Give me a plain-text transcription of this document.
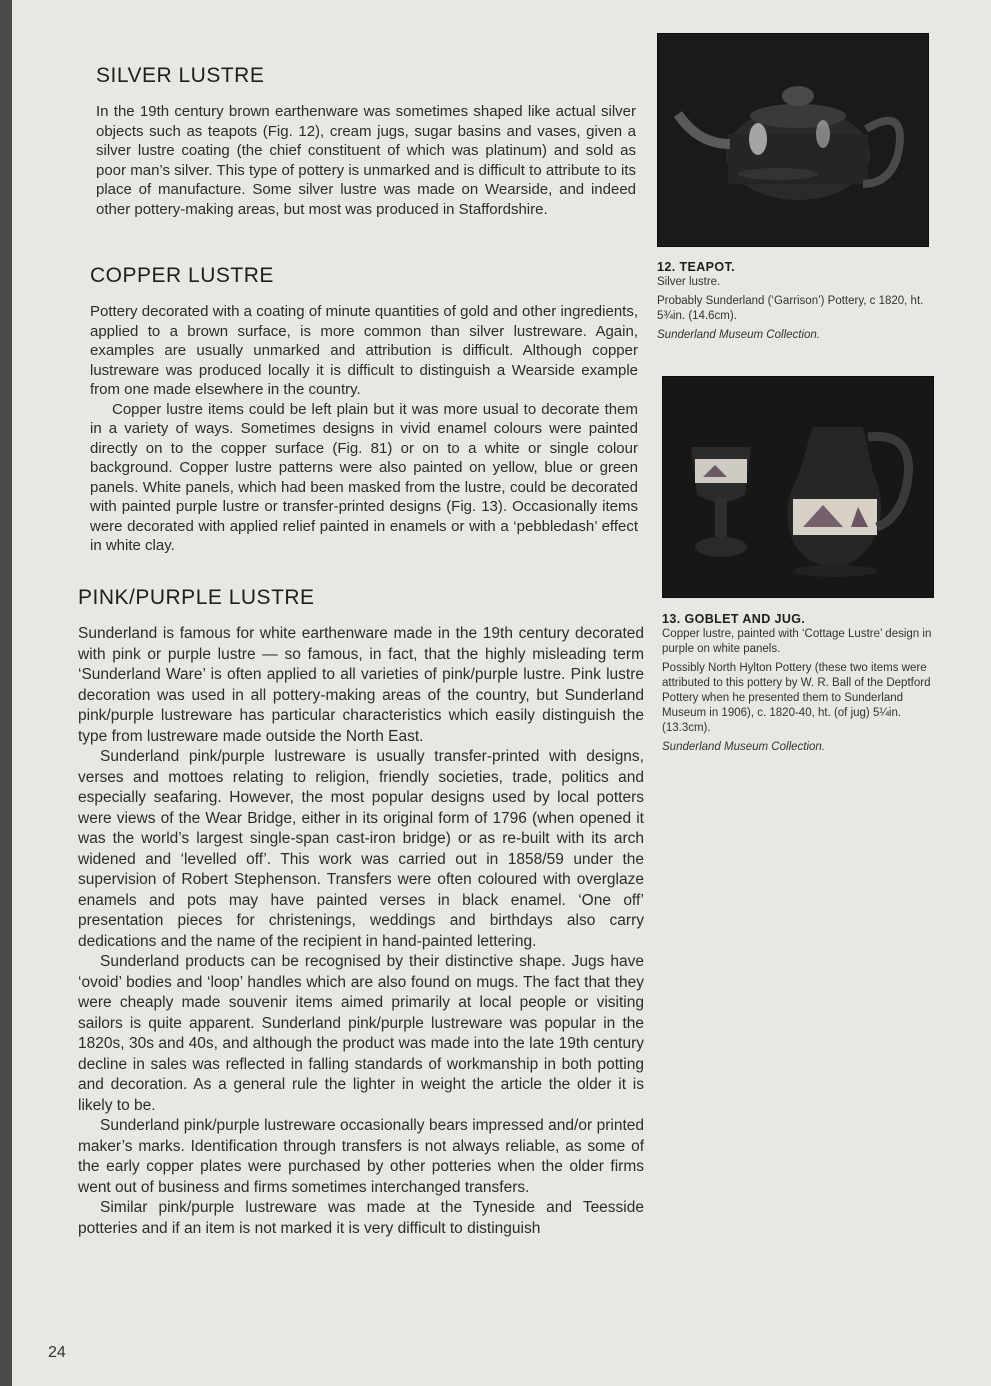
SILVER LUSTRE

In the 19th century brown earthenware was sometimes shaped like actual silver objects such as teapots (Fig. 12), cream jugs, sugar basins and vases, given a silver lustre coating (the chief constituent of which was platinum) and sold as poor man’s silver. This type of pottery is unmarked and is difficult to attribute to its place of manufacture. Some silver lustre was made on Wearside, and indeed other pottery-making areas, but most was produced in Staffordshire.

COPPER LUSTRE

Pottery decorated with a coating of minute quantities of gold and other ingredients, applied to a brown surface, is more common than silver lustreware. Again, examples are usually unmarked and attribution is difficult. Although copper lustreware was produced locally it is difficult to distinguish a Wearside example from one made elsewhere in the country.

Copper lustre items could be left plain but it was more usual to decorate them in a variety of ways. Sometimes designs in vivid enamel colours were painted directly on to the copper surface (Fig. 81) or on to a white or single colour background. Copper lustre patterns were also painted on yellow, blue or green panels. White panels, which had been masked from the lustre, could be decorated with painted purple lustre or transfer-printed designs (Fig. 13). Occasionally items were decorated with applied relief painted in enamels or with a ‘pebbledash’ effect in white clay.

PINK/PURPLE LUSTRE

Sunderland is famous for white earthenware made in the 19th century decorated with pink or purple lustre — so famous, in fact, that the highly misleading term ‘Sunderland Ware’ is often applied to all varieties of pink/purple lustre. Pink lustre decoration was used in all pottery-making areas of the country, but Sunderland pink/purple lustreware has particular characteristics which easily distinguish the type from lustreware made outside the North East.

Sunderland pink/purple lustreware is usually transfer-printed with designs, verses and mottoes relating to religion, friendly societies, trade, politics and especially seafaring. However, the most popular designs used by local potters were views of the Wear Bridge, either in its original form of 1796 (when opened it was the world’s largest single-span cast-iron bridge) or as re-built with its arch widened and ‘levelled off’. This work was carried out in 1858/59 under the supervision of Robert Stephenson. Transfers were often coloured with overglaze enamels and pots may have painted verses in black enamel. ‘One off’ presentation pieces for christenings, weddings and birthdays also carry dedications and the name of the recipient in hand-painted lettering.

Sunderland products can be recognised by their distinctive shape. Jugs have ‘ovoid’ bodies and ‘loop’ handles which are also found on mugs. The fact that they were cheaply made souvenir items aimed primarily at local people or visiting sailors is quite apparent. Sunderland pink/purple lustreware was popular in the 1820s, 30s and 40s, and although the product was made into the late 19th century decline in sales was reflected in falling standards of workmanship in both potting and decoration. As a general rule the lighter in weight the article the older it is likely to be.

Sunderland pink/purple lustreware occasionally bears impressed and/or printed maker’s marks. Identification through transfers is not always reliable, as some of the early copper plates were purchased by other potteries when the older firms went out of business and firms sometimes interchanged transfers.

Similar pink/purple lustreware was made at the Tyneside and Teesside potteries and if an item is not marked it is very difficult to distinguish

12. TEAPOT.
Silver lustre.
Probably Sunderland (‘Garrison’) Pottery, c 1820, ht. 5¾in. (14.6cm).
Sunderland Museum Collection.
13. GOBLET AND JUG.
Copper lustre, painted with ‘Cottage Lustre’ design in purple on white panels.
Possibly North Hylton Pottery (these two items were attributed to this pottery by W. R. Ball of the Deptford Pottery when he presented them to Sunderland Museum in 1906), c. 1820-40, ht. (of jug) 5¼in. (13.3cm).
Sunderland Museum Collection.
24
